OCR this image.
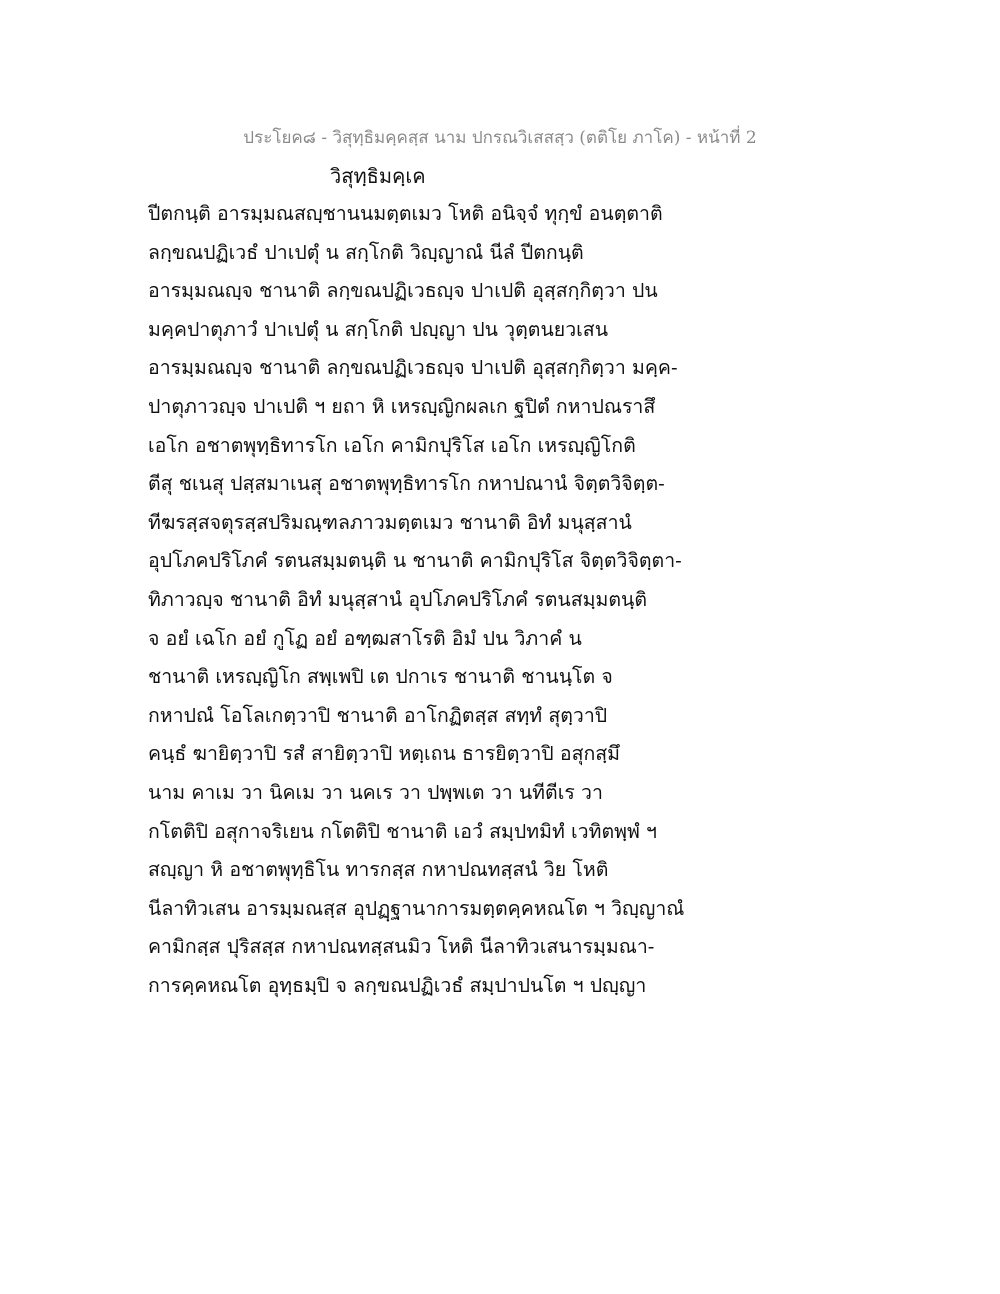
ประโยค๘ - วิสุทฺธิมคฺคสฺส นาม ปกรณวิเสสสฺว (ตติโย ภาโค) - หน้าที่ 2
วิสุทฺธิมคฺเค
ปีตกนฺติ อารมฺมณสญฺชานนมตฺตเมว โหติ อนิจฺจํ ทุกฺขํ อนตฺตาติ
ลกฺขณปฏิเวธํ ปาเปตุํ น สกฺโกติ วิญฺญาณํ นีลํ ปีตกนฺติ
อารมฺมณญฺจ ชานาติ ลกฺขณปฏิเวธญฺจ ปาเปติ อุสฺสกฺกิตฺวา ปน
มคฺคปาตุภาวํ ปาเปตุํ น สกฺโกติ ปญฺญา ปน วุตฺตนยวเสน
อารมฺมณญฺจ ชานาติ ลกฺขณปฏิเวธญฺจ ปาเปติ อุสฺสกฺกิตฺวา มคฺค-
ปาตุภาวญฺจ ปาเปติ ฯ ยถา หิ เหรญฺญิกผลเก ฐปิตํ กหาปณราสึ
เอโก อชาตพุทฺธิทารโก เอโก คามิกปุริโส เอโก เหรญฺญิโกติ
ตีสุ ชเนสุ ปสฺสมาเนสุ อชาตพุทฺธิทารโก กหาปณานํ จิตฺตวิจิตฺต-
ทีฆรสฺสจตุรสฺสปริมณฺฑลภาวมตฺตเมว ชานาติ อิทํ มนุสฺสานํ
อุปโภคปริโภคํ รตนสมฺมตนฺติ น ชานาติ คามิกปุริโส จิตฺตวิจิตฺตา-
ทิภาวญฺจ ชานาติ อิทํ มนุสฺสานํ อุปโภคปริโภคํ รตนสมฺมตนฺติ
จ อยํ เฉโก อยํ กูโฏ อยํ อฑฺฒสาโรติ อิมํ ปน วิภาคํ น
ชานาติ เหรญฺญิโก สพฺเพปิ เต ปกาเร ชานาติ ชานนฺโต จ
กหาปณํ โอโลเกตฺวาปิ ชานาติ อาโกฏิตสฺส สทฺทํ สุตฺวาปิ
คนฺธํ ฆายิตฺวาปิ รสํ สายิตฺวาปิ หตฺเถน ธารยิตฺวาปิ อสุกสฺมึ
นาม คาเม วา นิคเม วา นคเร วา ปพฺพเต วา นทีตีเร วา
กโตติปิ อสุกาจริเยน กโตติปิ ชานาติ เอวํ สมฺปทมิทํ เวทิตพฺพํ ฯ
สญฺญา หิ อชาตพุทฺธิโน ทารกสฺส กหาปณทสฺสนํ วิย โหติ
นีลาทิวเสน อารมฺมณสฺส อุปฏฺฐานาการมตฺตคฺคหณโต ฯ วิญฺญาณํ
คามิกสฺส ปุริสสฺส กหาปณทสฺสนมิว โหติ นีลาทิวเสนารมฺมณา-
การคฺคหณโต อุทฺธมฺปิ จ ลกฺขณปฏิเวธํ สมฺปาปนโต ฯ ปญฺญา
